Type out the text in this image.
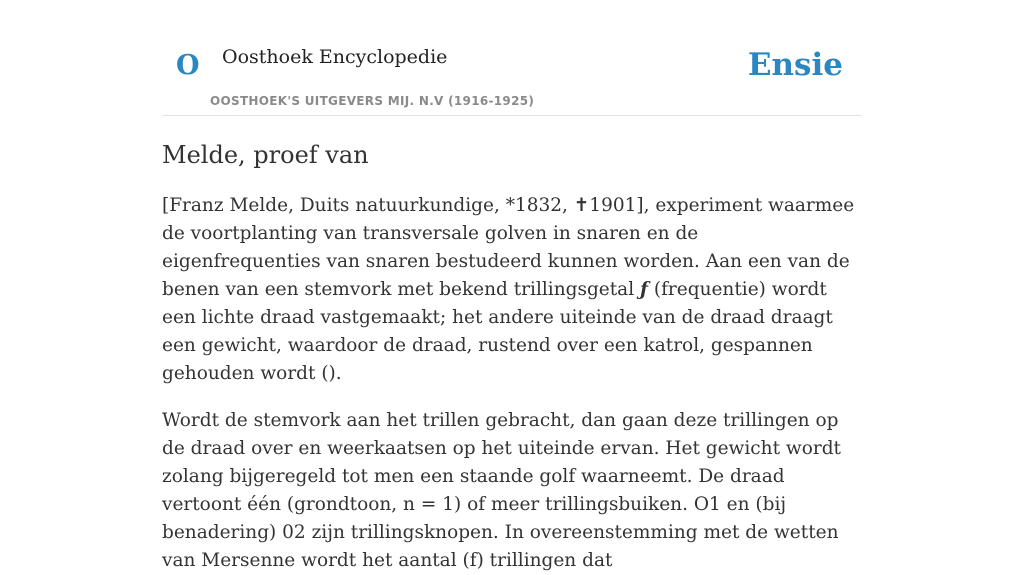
O Oosthoek Encyclopedie
OOSTHOEK'S UITGEVERS MIJ. N.V (1916-1925)
Ensie
Melde, proef van

[Franz Melde, Duits natuurkundige, *1832, ✝1901], experiment waarmee de voortplanting van transversale golven in snaren en de eigenfrequenties van snaren bestudeerd kunnen worden. Aan een van de benen van een stemvork met bekend trillingsgetal ƒ (frequentie) wordt een lichte draad vastgemaakt; het andere uiteinde van de draad draagt een gewicht, waardoor de draad, rustend over een katrol, gespannen gehouden wordt ().

Wordt de stemvork aan het trillen gebracht, dan gaan deze trillingen op de draad over en weerkaatsen op het uiteinde ervan. Het gewicht wordt zolang bijgeregeld tot men een staande golf waarneemt. De draad vertoont één (grondtoon, n = 1) of meer trillingsbuiken. O1 en (bij benadering) 02 zijn trillingsknopen. In overeenstemming met de wetten van Mersenne wordt het aantal (f) trillingen dat
